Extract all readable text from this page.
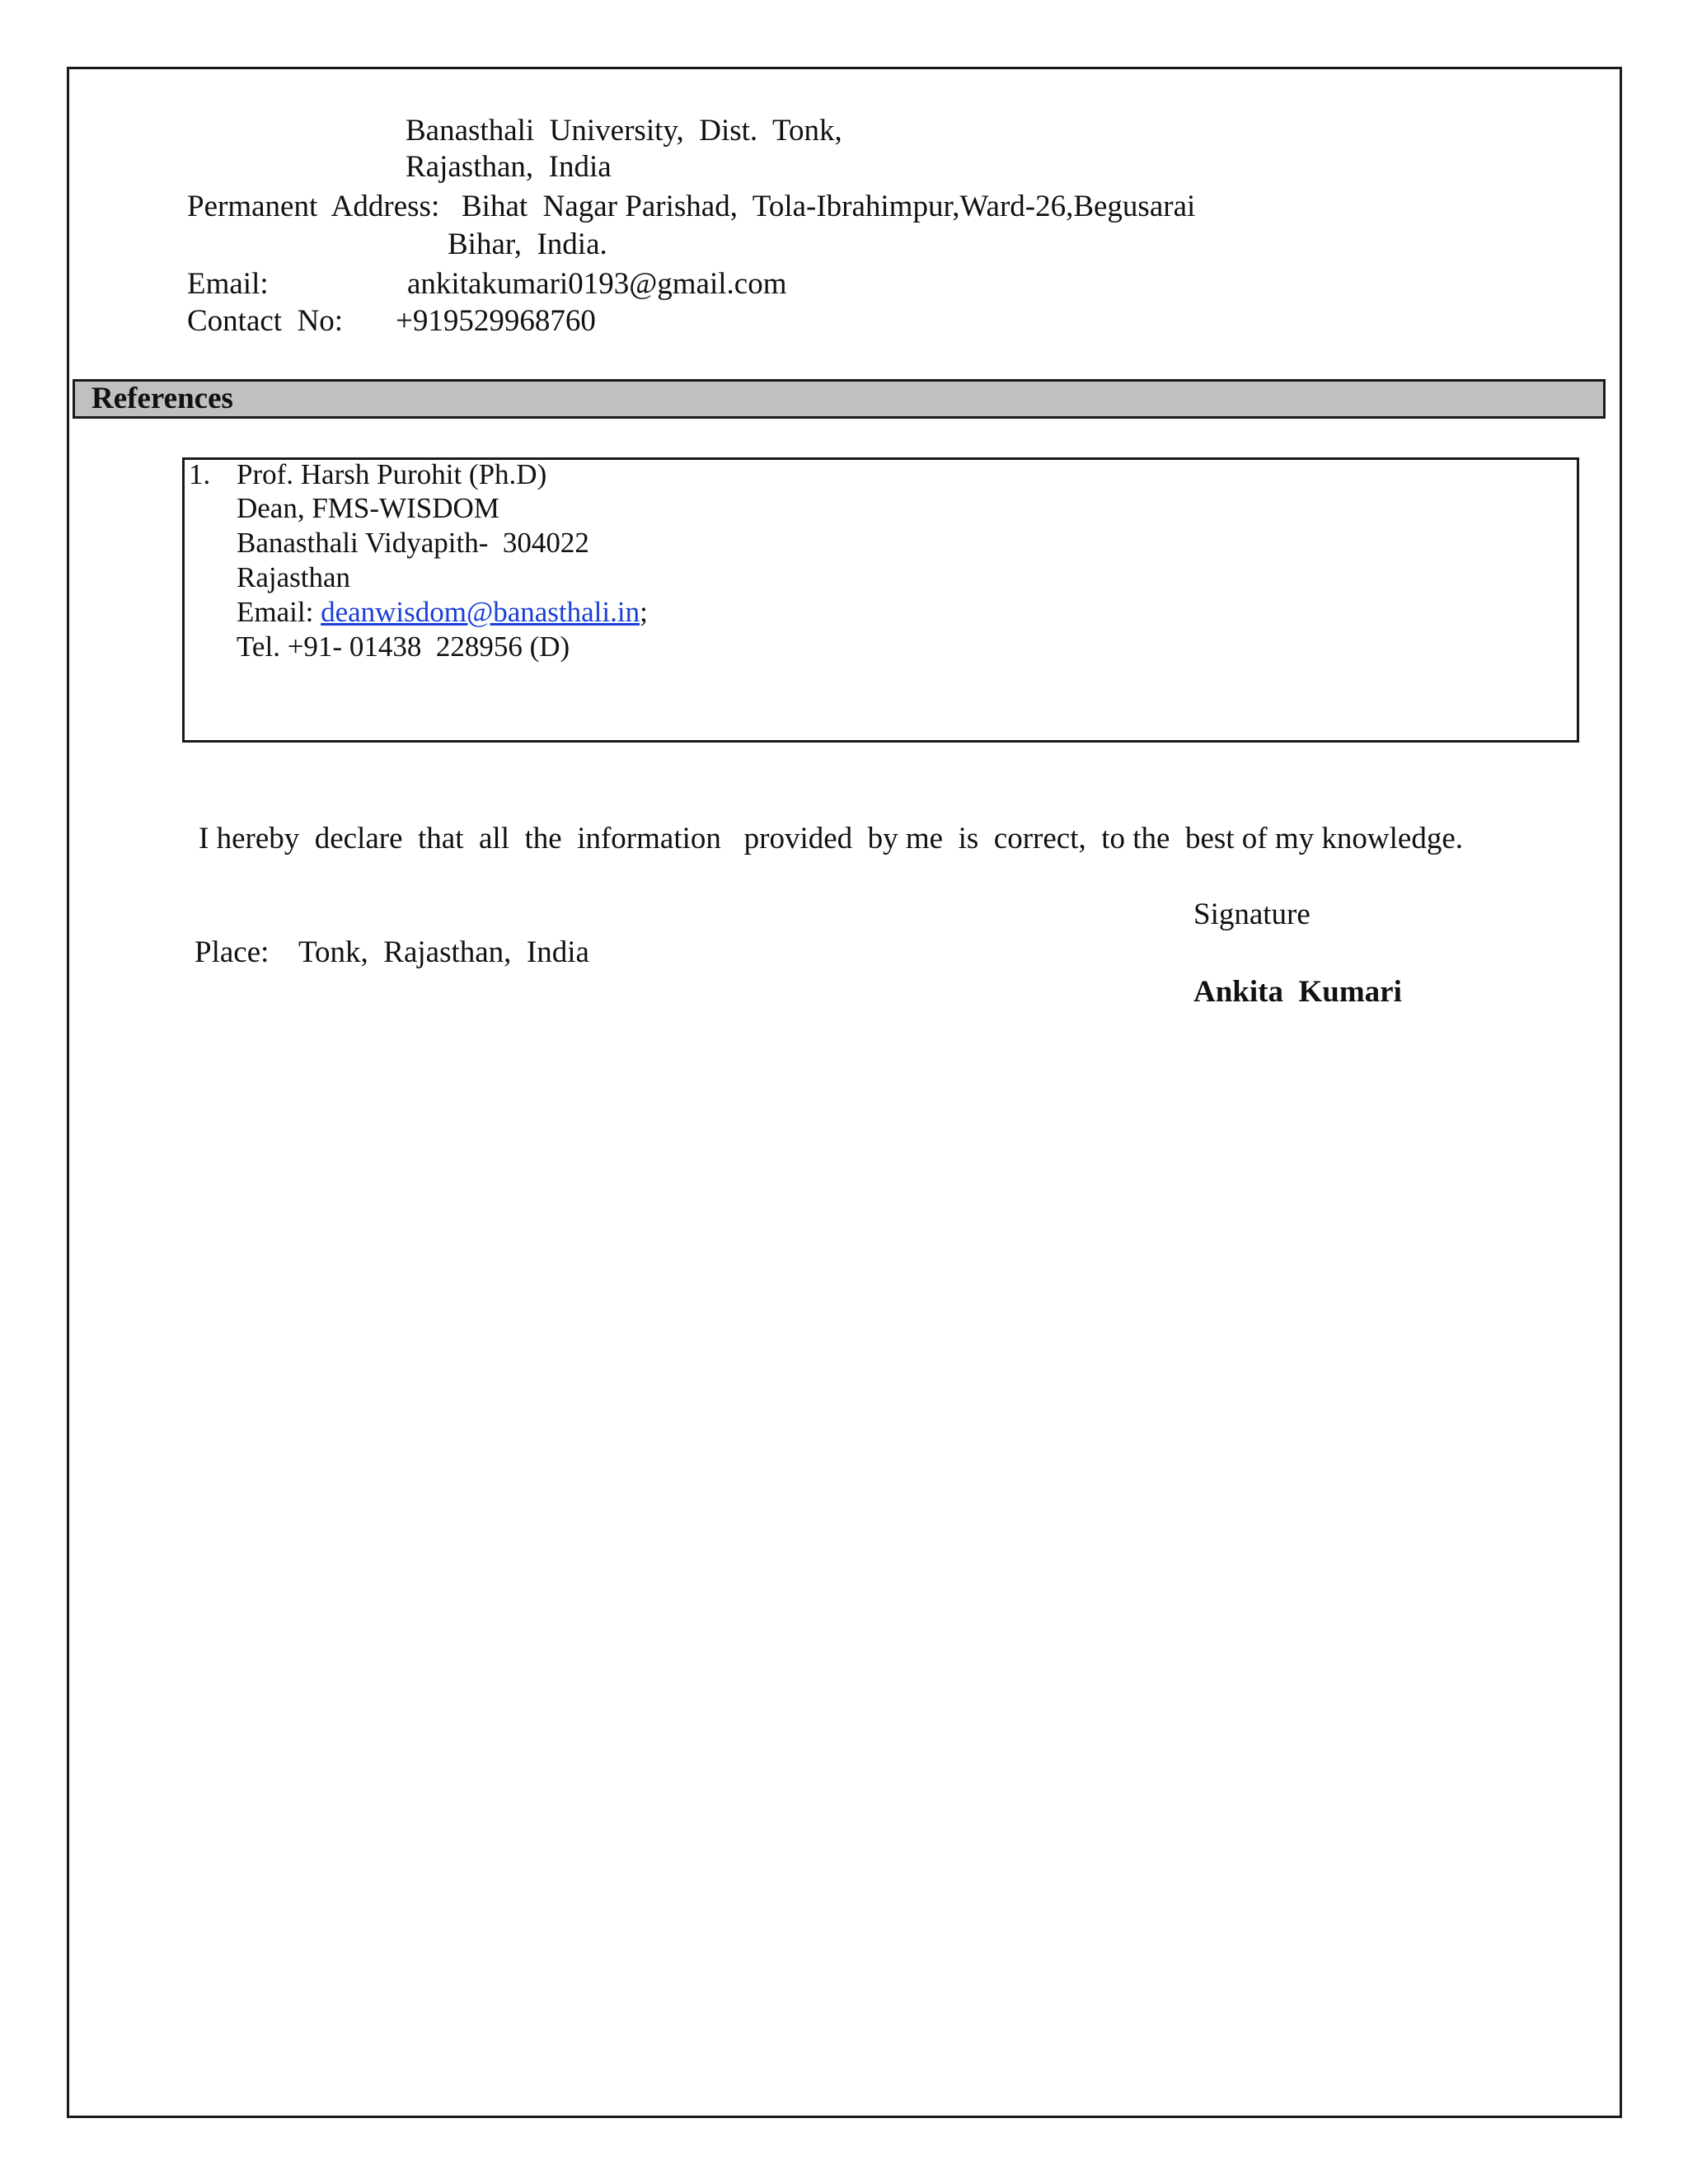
Banasthali  University,  Dist.  Tonk,
Rajasthan,  India
Permanent  Address: Bihat  Nagar Parishad,  Tola-Ibrahimpur,Ward-26,Begusarai
Bihar,  India.
Email:	ankitakumari0193@gmail.com
Contact  No: +919529968760
References
1. Prof. Harsh Purohit (Ph.D)
Dean, FMS-WISDOM
Banasthali Vidyapith-  304022
Rajasthan
Email: deanwisdom@banasthali.in;
Tel. +91- 01438  228956 (D)
I hereby  declare  that  all  the  information   provided  by me  is  correct,  to the  best of my knowledge.
Signature
Place: Tonk,  Rajasthan,  India
Ankita  Kumari
